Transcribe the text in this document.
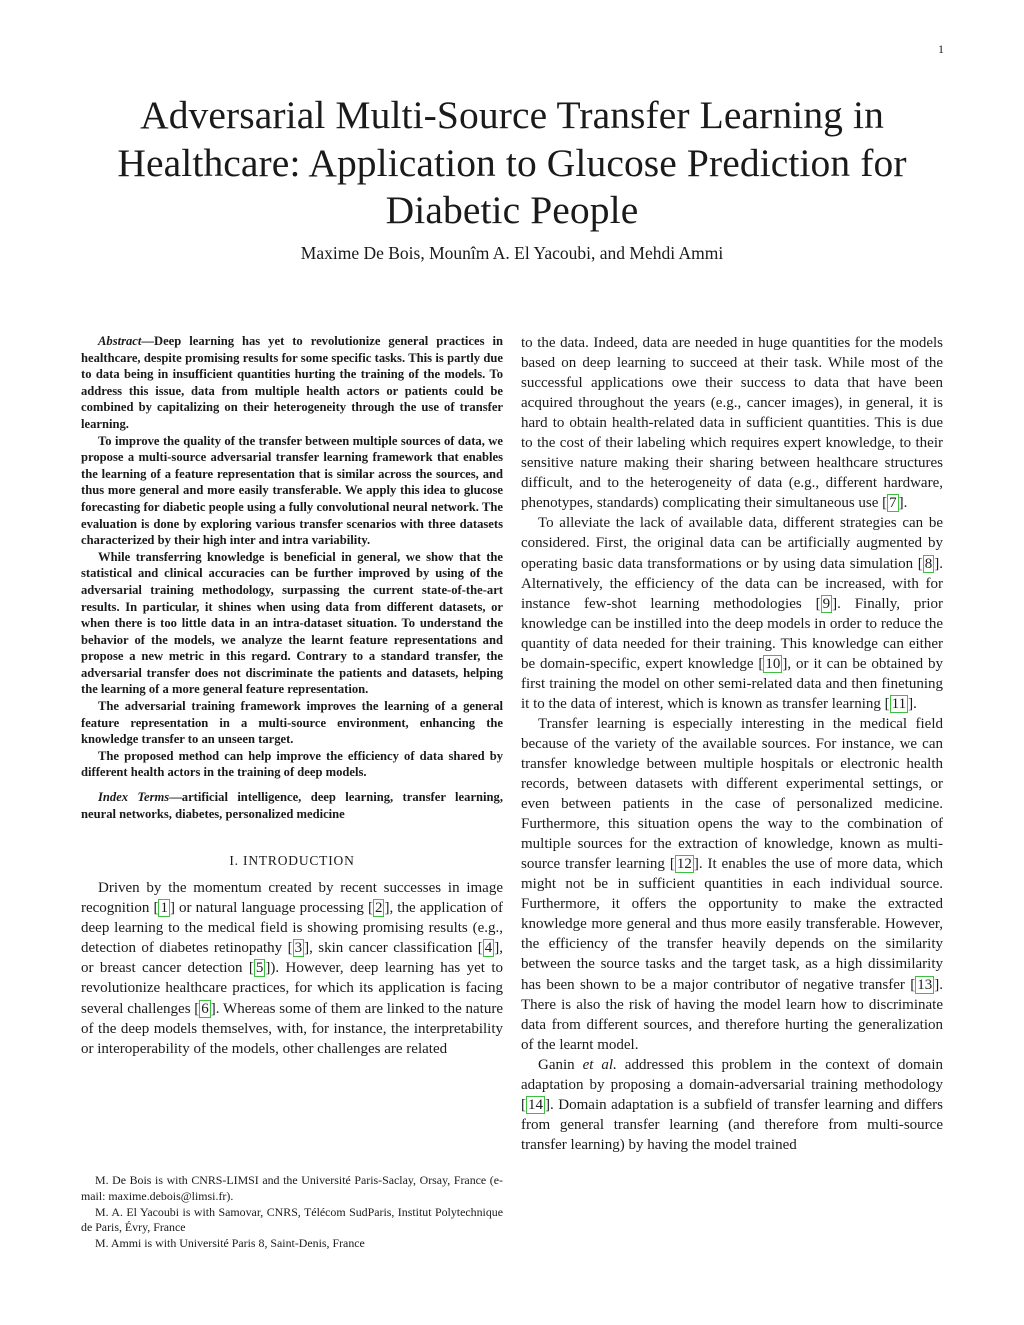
1
Adversarial Multi-Source Transfer Learning in Healthcare: Application to Glucose Prediction for Diabetic People
Maxime De Bois, Mounîm A. El Yacoubi, and Mehdi Ammi

Abstract—Deep learning has yet to revolutionize general practices in healthcare, despite promising results for some specific tasks. This is partly due to data being in insufficient quantities hurting the training of the models. To address this issue, data from multiple health actors or patients could be combined by capitalizing on their heterogeneity through the use of transfer learning.

To improve the quality of the transfer between multiple sources of data, we propose a multi-source adversarial transfer learning framework that enables the learning of a feature representation that is similar across the sources, and thus more general and more easily transferable. We apply this idea to glucose forecasting for diabetic people using a fully convolutional neural network. The evaluation is done by exploring various transfer scenarios with three datasets characterized by their high inter and intra variability.

While transferring knowledge is beneficial in general, we show that the statistical and clinical accuracies can be further improved by using of the adversarial training methodology, surpassing the current state-of-the-art results. In particular, it shines when using data from different datasets, or when there is too little data in an intra-dataset situation. To understand the behavior of the models, we analyze the learnt feature representations and propose a new metric in this regard. Contrary to a standard transfer, the adversarial transfer does not discriminate the patients and datasets, helping the learning of a more general feature representation.

The adversarial training framework improves the learning of a general feature representation in a multi-source environment, enhancing the knowledge transfer to an unseen target.

The proposed method can help improve the efficiency of data shared by different health actors in the training of deep models.

Index Terms—artificial intelligence, deep learning, transfer learning, neural networks, diabetes, personalized medicine

I. INTRODUCTION

Driven by the momentum created by recent successes in image recognition [ 1 ] or natural language processing [ 2 ], the application of deep learning to the medical field is showing promising results (e.g., detection of diabetes retinopathy [ 3 ], skin cancer classification [ 4 ], or breast cancer detection [ 5 ]). However, deep learning has yet to revolutionize healthcare practices, for which its application is facing several challenges [ 6 ]. Whereas some of them are linked to the nature of the deep models themselves, with, for instance, the interpretability or interoperability of the models, other challenges are related

M. De Bois is with CNRS-LIMSI and the Université Paris-Saclay, Orsay, France (e-mail: maxime.debois@limsi.fr).

M. A. El Yacoubi is with Samovar, CNRS, Télécom SudParis, Institut Polytechnique de Paris, Évry, France

M. Ammi is with Université Paris 8, Saint-Denis, France

to the data. Indeed, data are needed in huge quantities for the models based on deep learning to succeed at their task. While most of the successful applications owe their success to data that have been acquired throughout the years (e.g., cancer images), in general, it is hard to obtain health-related data in sufficient quantities. This is due to the cost of their labeling which requires expert knowledge, to their sensitive nature making their sharing between healthcare structures difficult, and to the heterogeneity of data (e.g., different hardware, phenotypes, standards) complicating their simultaneous use [ 7 ].

To alleviate the lack of available data, different strategies can be considered. First, the original data can be artificially augmented by operating basic data transformations or by using data simulation [ 8 ]. Alternatively, the efficiency of the data can be increased, with for instance few-shot learning methodologies [ 9 ]. Finally, prior knowledge can be instilled into the deep models in order to reduce the quantity of data needed for their training. This knowledge can either be domain-specific, expert knowledge [ 10 ], or it can be obtained by first training the model on other semi-related data and then finetuning it to the data of interest, which is known as transfer learning [ 11 ].

Transfer learning is especially interesting in the medical field because of the variety of the available sources. For instance, we can transfer knowledge between multiple hospitals or electronic health records, between datasets with different experimental settings, or even between patients in the case of personalized medicine. Furthermore, this situation opens the way to the combination of multiple sources for the extraction of knowledge, known as multi-source transfer learning [ 12 ]. It enables the use of more data, which might not be in sufficient quantities in each individual source. Furthermore, it offers the opportunity to make the extracted knowledge more general and thus more easily transferable. However, the efficiency of the transfer heavily depends on the similarity between the source tasks and the target task, as a high dissimilarity has been shown to be a major contributor of negative transfer [ 13 ]. There is also the risk of having the model learn how to discriminate data from different sources, and therefore hurting the generalization of the learnt model.

Ganin et al. addressed this problem in the context of domain adaptation by proposing a domain-adversarial training methodology [ 14 ]. Domain adaptation is a subfield of transfer learning and differs from general transfer learning (and therefore from multi-source transfer learning) by having the model trained
